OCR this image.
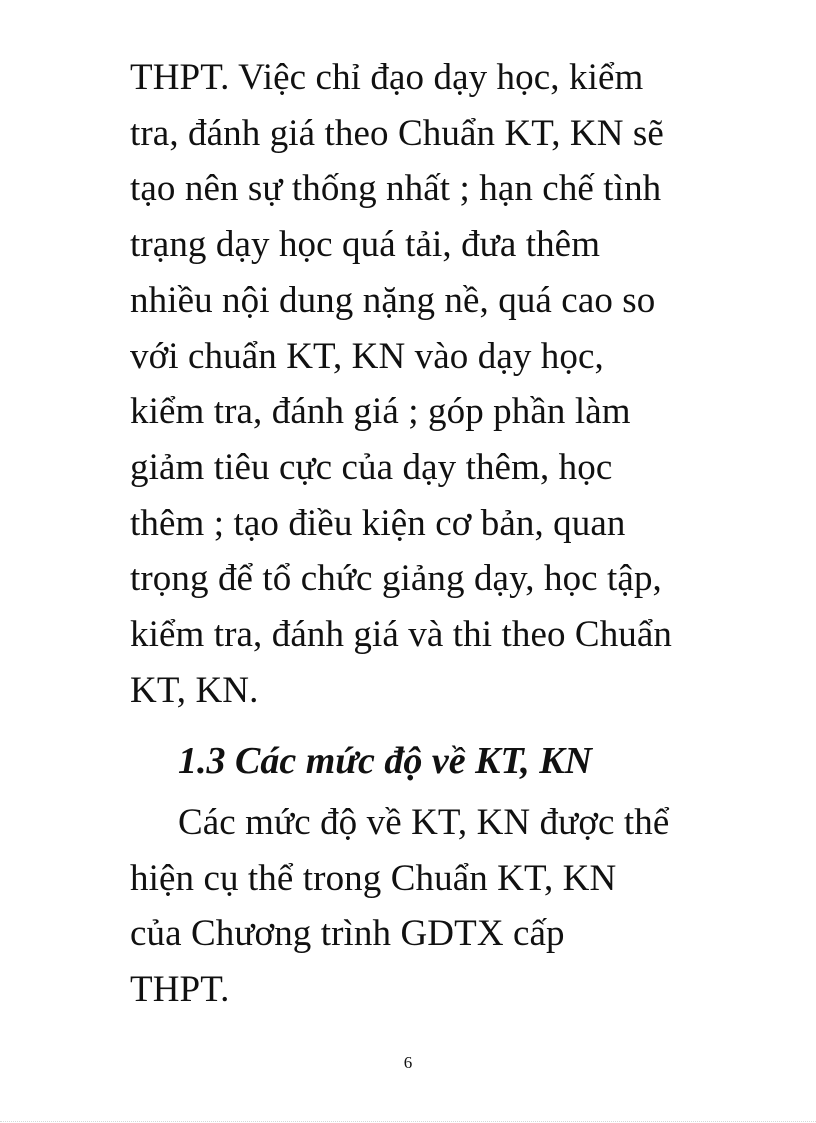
THPT. Việc chỉ đạo dạy học, kiểm
tra, đánh giá theo Chuẩn KT, KN sẽ
tạo nên sự thống nhất ; hạn chế tình
trạng dạy học quá tải, đưa thêm
nhiều nội dung nặng nề, quá cao so
với chuẩn KT, KN vào dạy học,
kiểm tra, đánh giá ; góp phần làm
giảm tiêu cực của dạy thêm, học
thêm ; tạo điều kiện cơ bản, quan
trọng để tổ chức giảng dạy, học tập,
kiểm tra, đánh giá và thi theo Chuẩn
KT, KN.
1.3 Các mức độ về KT, KN
Các mức độ về KT, KN được thể
hiện cụ thể trong Chuẩn KT, KN
của Chương trình GDTX cấp
THPT.
6
